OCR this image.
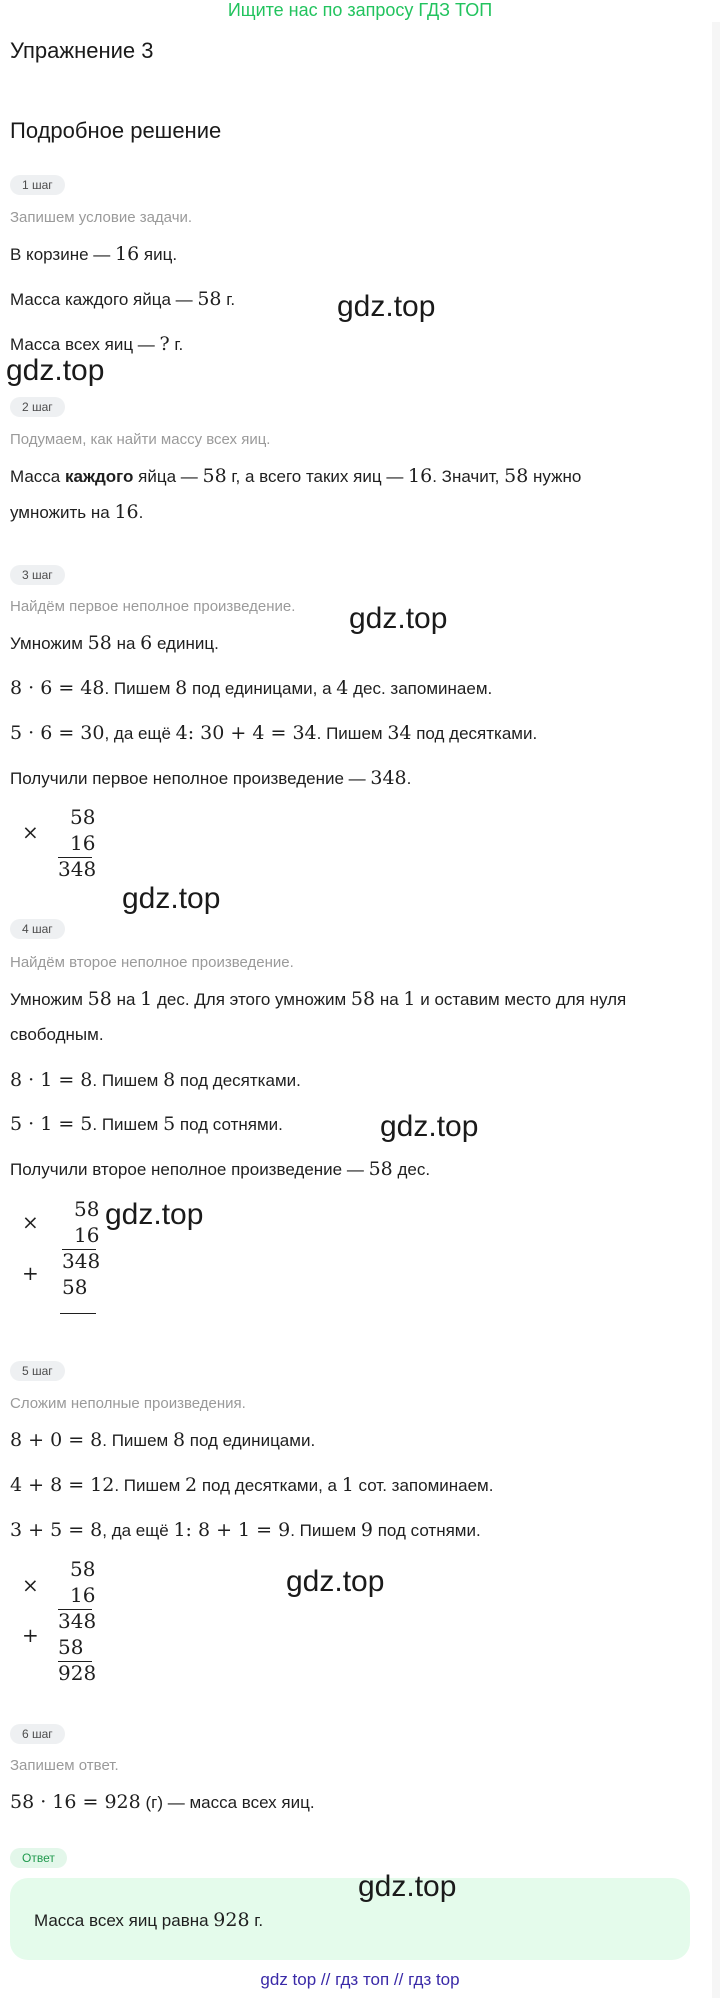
Ищите нас по запросу ГДЗ ТОП
Упражнение 3
Подробное решение
1 шаг
Запишем условие задачи.
В корзине — 16 яиц.
Масса каждого яйца — 58 г.
Масса всех яиц — ? г.
gdz.top
gdz.top
2 шаг
Подумаем, как найти массу всех яиц.
Масса каждого яйца — 58 г, а всего таких яиц — 16. Значит, 58 нужно
умножить на 16.
3 шаг
Найдём первое неполное произведение.
Умножим 58 на 6 единиц.
8 · 6 = 48. Пишем 8 под единицами, а 4 дес. запоминаем.
5 · 6 = 30, да ещё 4: 30 + 4 = 34. Пишем 34 под десятками.
Получили первое неполное произведение — 348.
gdz.top
×
58
16
348
gdz.top
4 шаг
Найдём второе неполное произведение.
Умножим 58 на 1 дес. Для этого умножим 58 на 1 и оставим место для нуля
свободным.
8 · 1 = 8. Пишем 8 под десятками.
5 · 1 = 5. Пишем 5 под сотнями.
Получили второе неполное произведение — 58 дес.
gdz.top
×
+
58
16
348
58
gdz.top
5 шаг
Сложим неполные произведения.
8 + 0 = 8. Пишем 8 под единицами.
4 + 8 = 12. Пишем 2 под десятками, а 1 сот. запоминаем.
3 + 5 = 8, да ещё 1: 8 + 1 = 9. Пишем 9 под сотнями.
×
+
58
16
348
58
928
gdz.top
6 шаг
Запишем ответ.
58 · 16 = 928 (г) — масса всех яиц.
Ответ
Масса всех яиц равна 928 г.
gdz.top
gdz top // гдз топ // гдз top
